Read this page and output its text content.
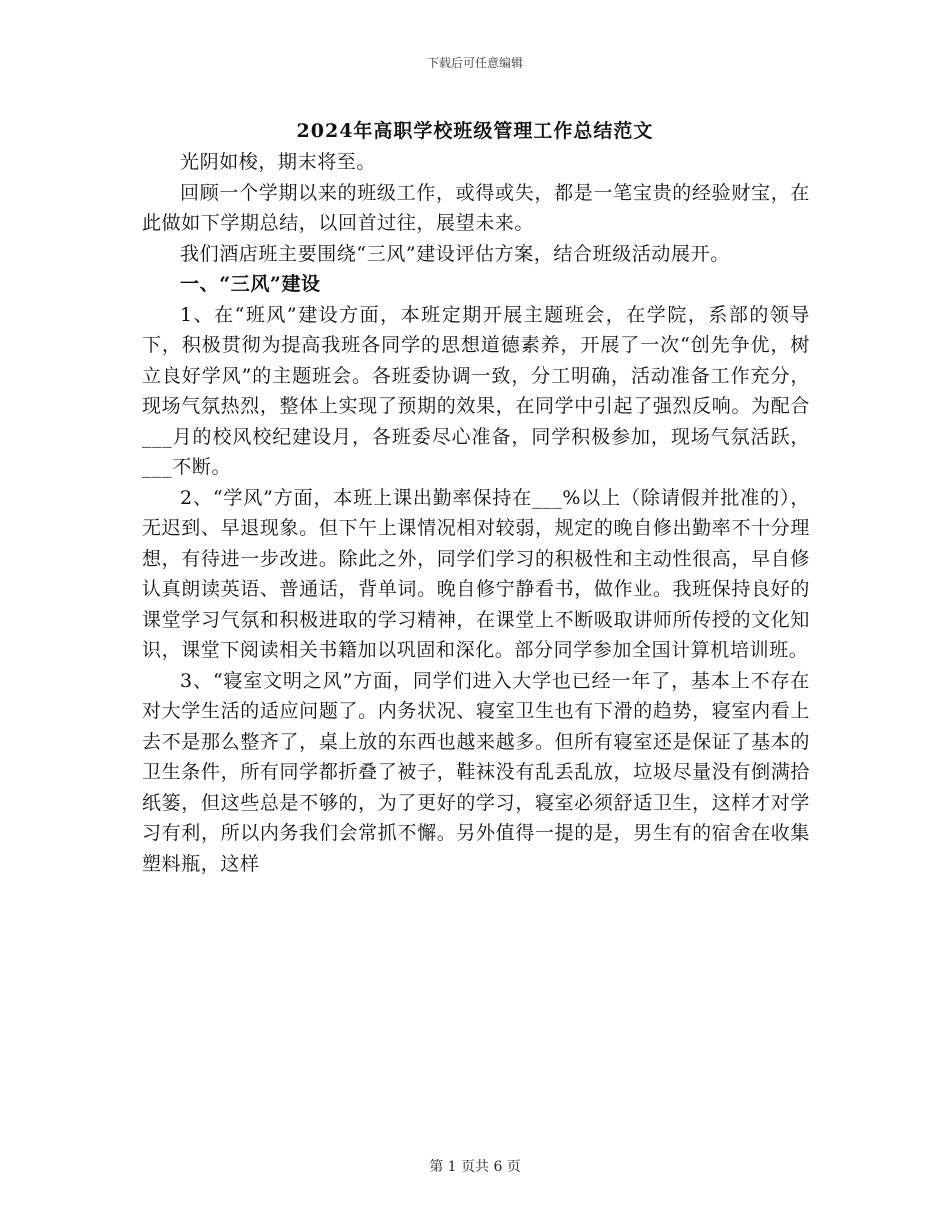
下载后可任意编辑
2024年高职学校班级管理工作总结范文

光阴如梭，期末将至。

回顾一个学期以来的班级工作，或得或失，都是一笔宝贵的经验财宝，在此做如下学期总结，以回首过往，展望未来。

我们酒店班主要围绕“三风”建设评估方案，结合班级活动展开。

一、“三风”建设

1、在“班风”建设方面，本班定期开展主题班会，在学院，系部的领导下，积极贯彻为提高我班各同学的思想道德素养，开展了一次“创先争优，树立良好学风”的主题班会。各班委协调一致，分工明确，活动准备工作充分，现场气氛热烈，整体上实现了预期的效果，在同学中引起了强烈反响。为配合___月的校风校纪建设月，各班委尽心准备，同学积极参加，现场气氛活跃，___不断。

2、“学风”方面，本班上课出勤率保持在___%以上（除请假并批准的），无迟到、早退现象。但下午上课情况相对较弱，规定的晚自修出勤率不十分理想，有待进一步改进。除此之外，同学们学习的积极性和主动性很高，早自修认真朗读英语、普通话，背单词。晚自修宁静看书，做作业。我班保持良好的课堂学习气氛和积极进取的学习精神，在课堂上不断吸取讲师所传授的文化知识，课堂下阅读相关书籍加以巩固和深化。部分同学参加全国计算机培训班。

3、“寝室文明之风”方面，同学们进入大学也已经一年了，基本上不存在对大学生活的适应问题了。内务状况、寝室卫生也有下滑的趋势，寝室内看上去不是那么整齐了，桌上放的东西也越来越多。但所有寝室还是保证了基本的卫生条件，所有同学都折叠了被子，鞋袜没有乱丢乱放，垃圾尽量没有倒满拾纸篓，但这些总是不够的，为了更好的学习，寝室必须舒适卫生，这样才对学习有利，所以内务我们会常抓不懈。另外值得一提的是，男生有的宿舍在收集塑料瓶，这样

第 1 页共 6 页
